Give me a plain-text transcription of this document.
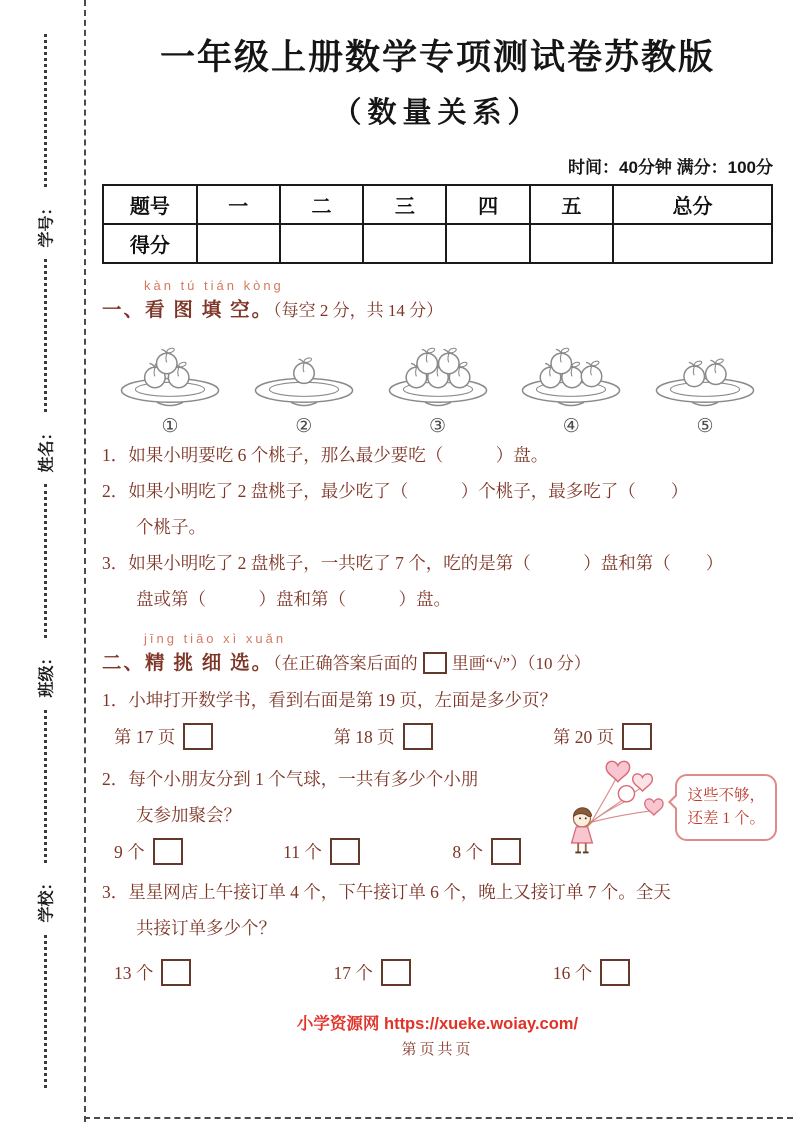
学号：
姓名：
班级：
学校：
一年级上册数学专项测试卷苏教版
（数量关系）
时间：40分钟 满分：100分
题号	一	二	三	四	五	总分
得分						
kàn tú tián kòng
一、看 图 填 空。（每空 2 分，共 14 分）
①	②	③	④	⑤
1．如果小明要吃 6 个桃子，那么最少要吃（　　　）盘。
2．如果小明吃了 2 盘桃子，最少吃了（　　　）个桃子，最多吃了（　　）
个桃子。
3．如果小明吃了 2 盘桃子，一共吃了 7 个，吃的是第（　　　）盘和第（　　）
盘或第（　　　）盘和第（　　　）盘。
jīng tiāo xì xuǎn
二、精 挑 细 选。（在正确答案后面的 里画“√”）（10 分）
1．小坤打开数学书，看到右面是第 19 页，左面是多少页？
第 17 页	第 18 页	第 20 页
2．每个小朋友分到 1 个气球，一共有多少个小朋
友参加聚会？
这些不够，
还差 1 个。
9 个	11 个	8 个
3．星星网店上午接订单 4 个，下午接订单 6 个，晚上又接订单 7 个。全天
共接订单多少个？
13 个	17 个	16 个
小学资源网 https://xueke.woiay.com/
第页共页
